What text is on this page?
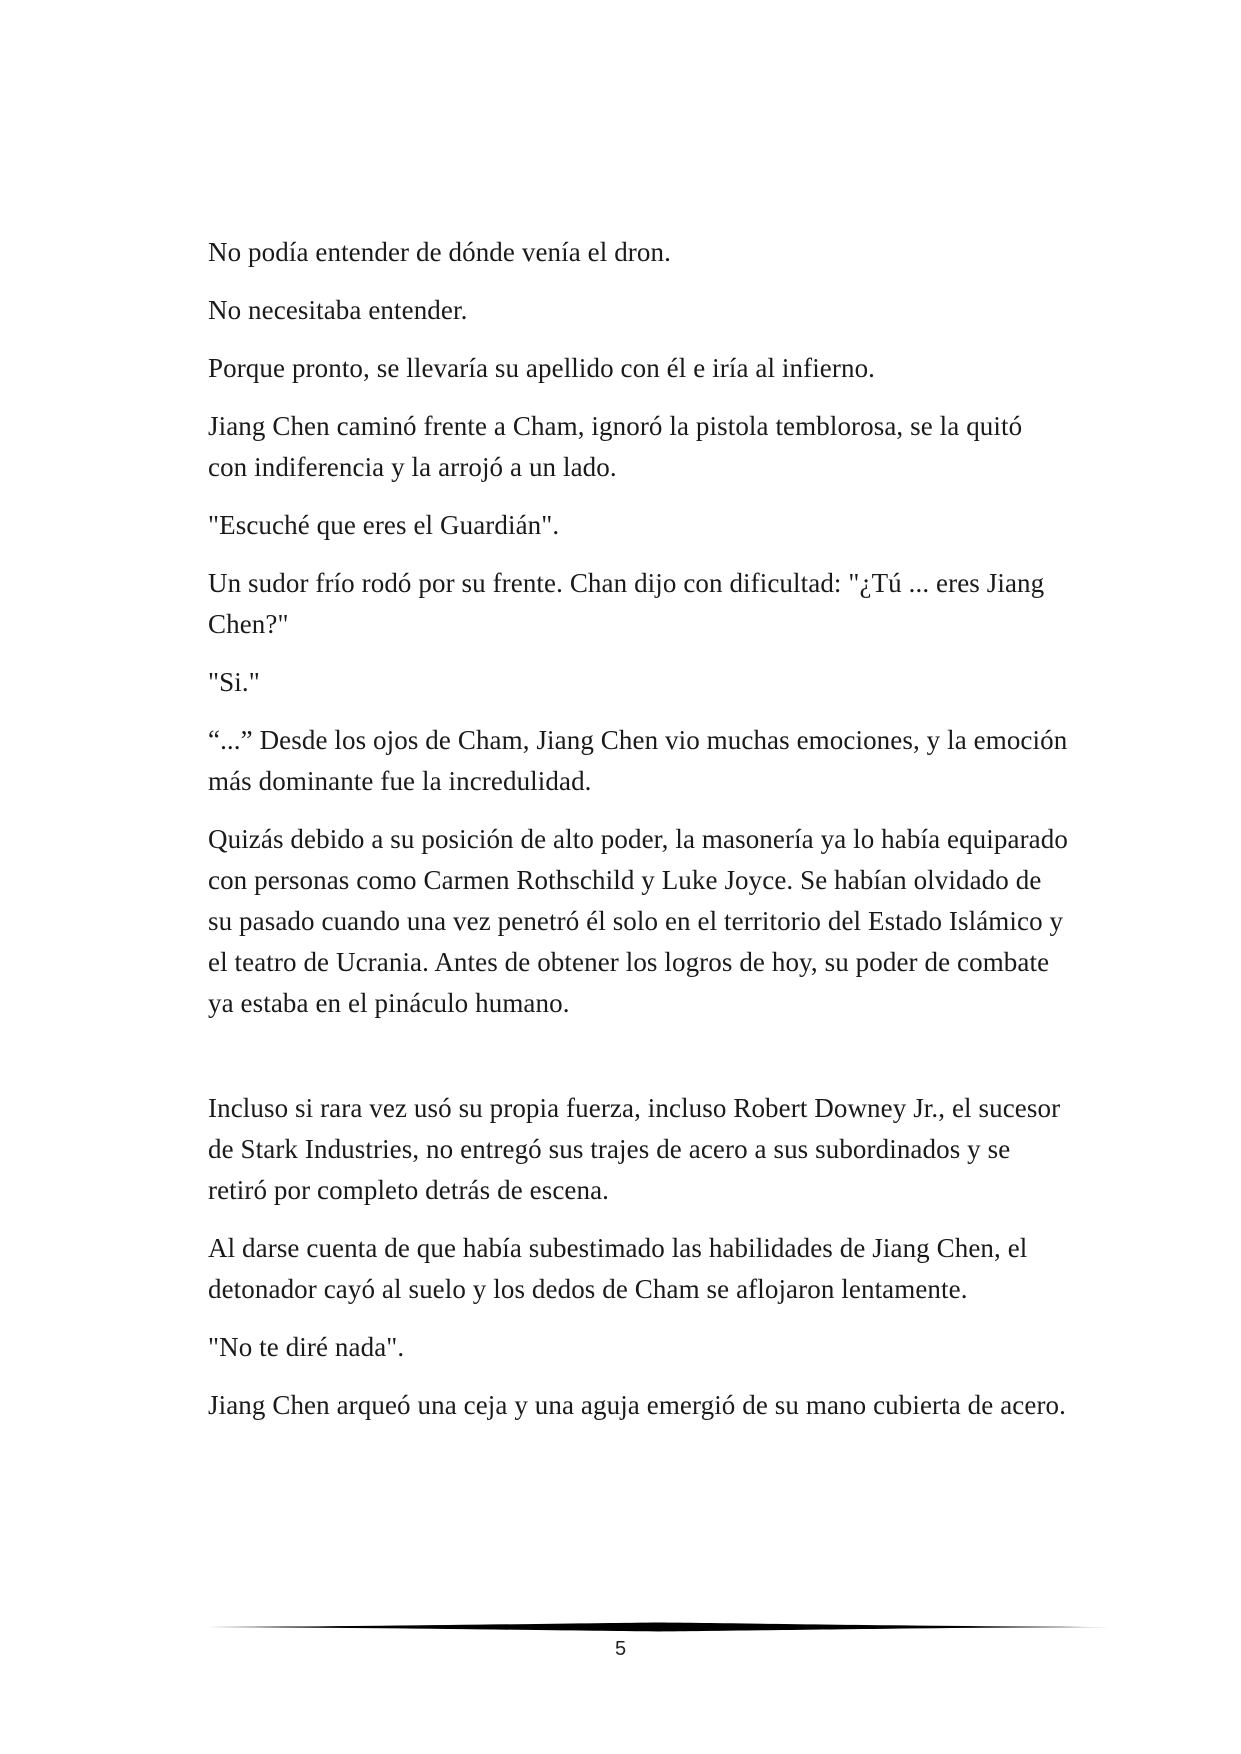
No podía entender de dónde venía el dron.

No necesitaba entender.

Porque pronto, se llevaría su apellido con él e iría al infierno.

Jiang Chen caminó frente a Cham, ignoró la pistola temblorosa, se la quitó con indiferencia y la arrojó a un lado.

"Escuché que eres el Guardián".

Un sudor frío rodó por su frente. Chan dijo con dificultad: "¿Tú ... eres Jiang Chen?"

"Si."

“...” Desde los ojos de Cham, Jiang Chen vio muchas emociones, y la emoción más dominante fue la incredulidad.

Quizás debido a su posición de alto poder, la masonería ya lo había equiparado con personas como Carmen Rothschild y Luke Joyce. Se habían olvidado de su pasado cuando una vez penetró él solo en el territorio del Estado Islámico y el teatro de Ucrania. Antes de obtener los logros de hoy, su poder de combate ya estaba en el pináculo humano.

Incluso si rara vez usó su propia fuerza, incluso Robert Downey Jr., el sucesor de Stark Industries, no entregó sus trajes de acero a sus subordinados y se retiró por completo detrás de escena.

Al darse cuenta de que había subestimado las habilidades de Jiang Chen, el detonador cayó al suelo y los dedos de Cham se aflojaron lentamente.

"No te diré nada".

Jiang Chen arqueó una ceja y una aguja emergió de su mano cubierta de acero.

5
